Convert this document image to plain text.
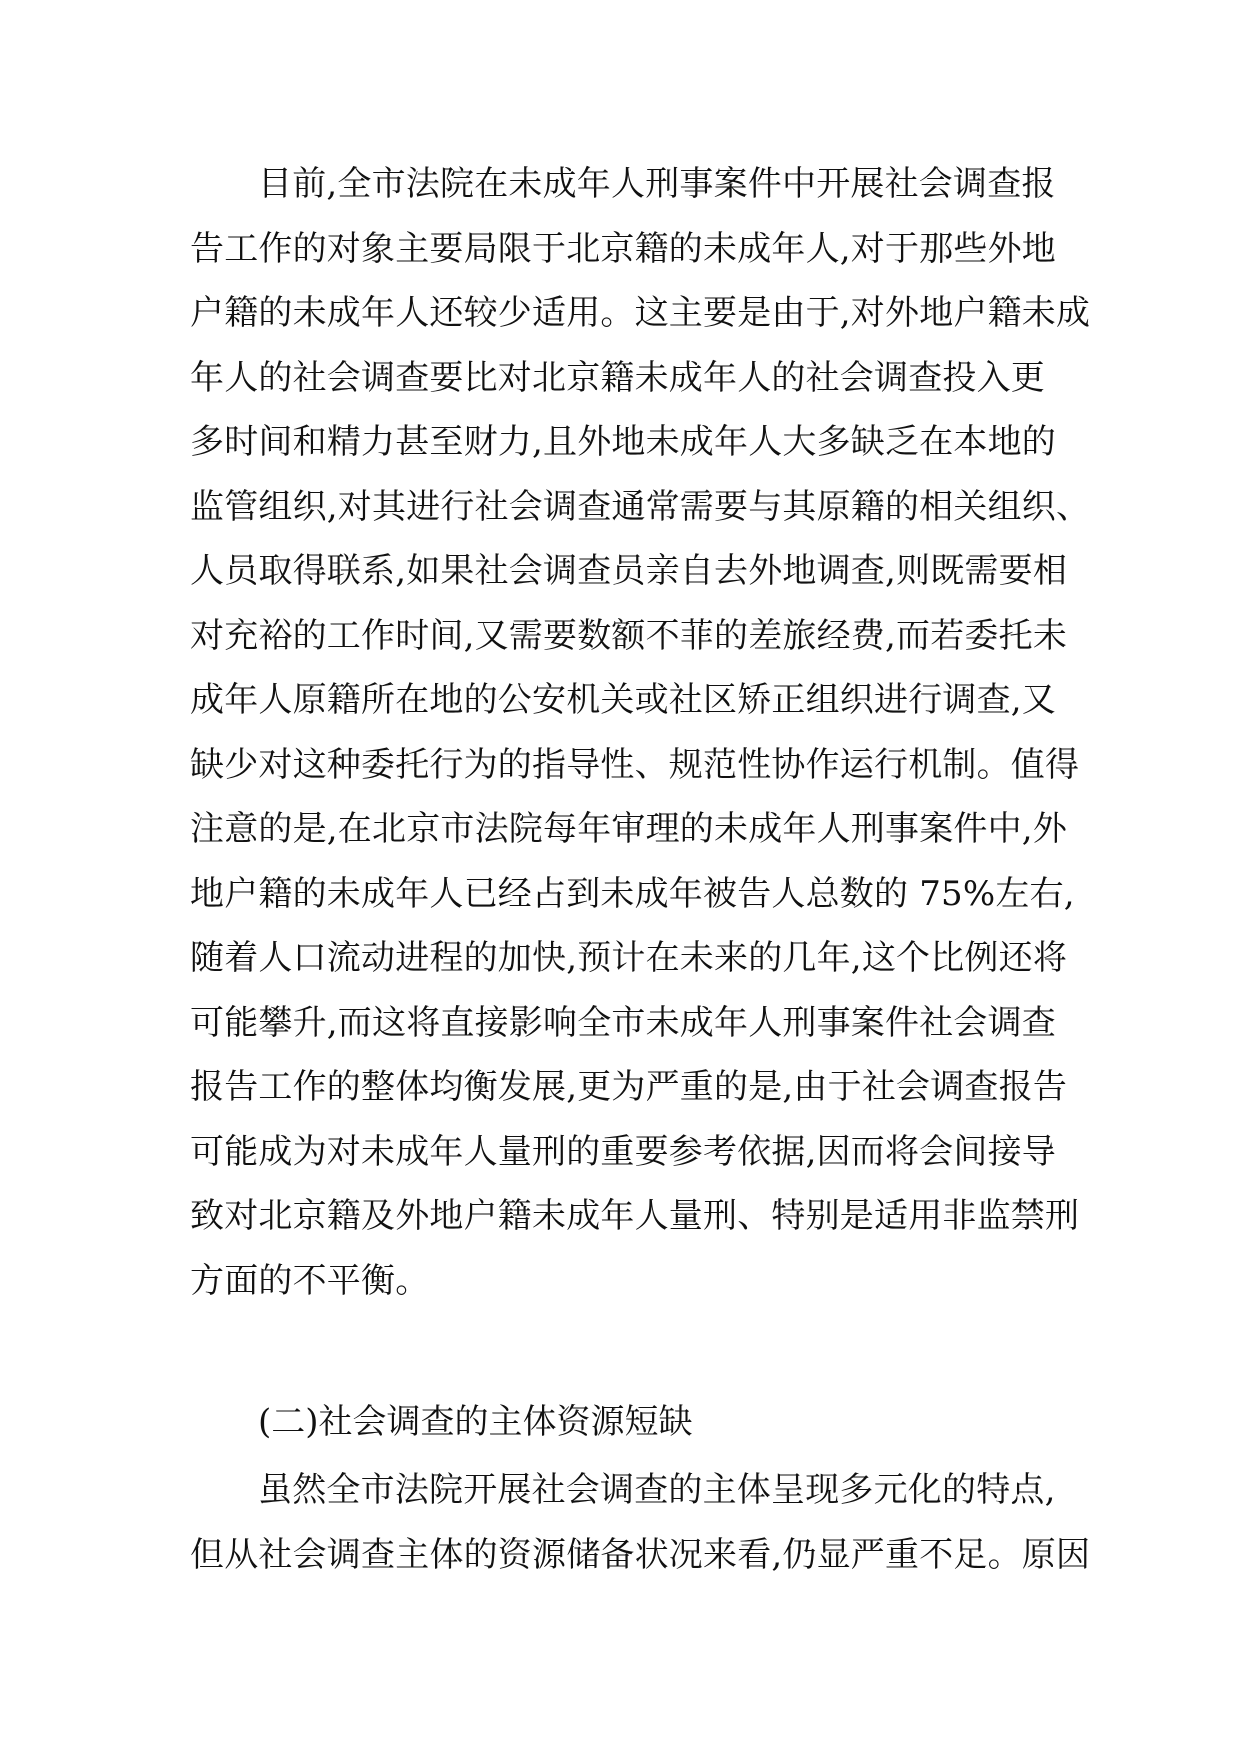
目前,全市法院在未成年人刑事案件中开展社会调查报
告工作的对象主要局限于北京籍的未成年人,对于那些外地
户籍的未成年人还较少适用。这主要是由于,对外地户籍未成
年人的社会调查要比对北京籍未成年人的社会调查投入更
多时间和精力甚至财力,且外地未成年人大多缺乏在本地的
监管组织,对其进行社会调查通常需要与其原籍的相关组织、
人员取得联系,如果社会调查员亲自去外地调查,则既需要相
对充裕的工作时间,又需要数额不菲的差旅经费,而若委托未
成年人原籍所在地的公安机关或社区矫正组织进行调查,又
缺少对这种委托行为的指导性、规范性协作运行机制。值得
注意的是,在北京市法院每年审理的未成年人刑事案件中,外
地户籍的未成年人已经占到未成年被告人总数的 75%左右,
随着人口流动进程的加快,预计在未来的几年,这个比例还将
可能攀升,而这将直接影响全市未成年人刑事案件社会调查
报告工作的整体均衡发展,更为严重的是,由于社会调查报告
可能成为对未成年人量刑的重要参考依据,因而将会间接导
致对北京籍及外地户籍未成年人量刑、特别是适用非监禁刑
方面的不平衡。
(二)社会调查的主体资源短缺
虽然全市法院开展社会调查的主体呈现多元化的特点,
但从社会调查主体的资源储备状况来看,仍显严重不足。原因
